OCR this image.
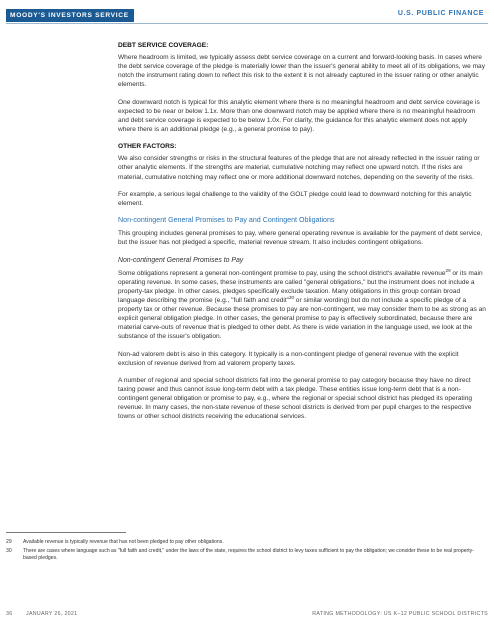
MOODY'S INVESTORS SERVICE	U.S. PUBLIC FINANCE
DEBT SERVICE COVERAGE:

Where headroom is limited, we typically assess debt service coverage on a current and forward-looking basis. In cases where the debt service coverage of the pledge is materially lower than the issuer's general ability to meet all of its obligations, we may notch the instrument rating down to reflect this risk to the extent it is not already captured in the issuer rating or other analytic elements.

One downward notch is typical for this analytic element where there is no meaningful headroom and debt service coverage is expected to be near or below 1.1x. More than one downward notch may be applied where there is no meaningful headroom and debt service coverage is expected to be below 1.0x. For clarity, the guidance for this analytic element does not apply where there is an additional pledge (e.g., a general promise to pay).

OTHER FACTORS:

We also consider strengths or risks in the structural features of the pledge that are not already reflected in the issuer rating or other analytic elements. If the strengths are material, cumulative notching may reflect one upward notch. If the risks are material, cumulative notching may reflect one or more additional downward notches, depending on the severity of the risks.

For example, a serious legal challenge to the validity of the GOLT pledge could lead to downward notching for this analytic element.

Non-contingent General Promises to Pay and Contingent Obligations

This grouping includes general promises to pay, where general operating revenue is available for the payment of debt service, but the issuer has not pledged a specific, material revenue stream. It also includes contingent obligations.

Non-contingent General Promises to Pay

Some obligations represent a general non-contingent promise to pay, using the school district's available revenue$^{29}$ or its main operating revenue. In some cases, these instruments are called "general obligations," but the instrument does not include a property-tax pledge. In other cases, pledges specifically exclude taxation. Many obligations in this group contain broad language describing the promise (e.g., "full faith and credit"$^{30}$ or similar wording) but do not include a specific pledge of a property tax or other revenue. Because these promises to pay are non-contingent, we may consider them to be as strong as an explicit general obligation pledge. In other cases, the general promise to pay is effectively subordinated, because there are material carve-outs of revenue that is pledged to other debt. As there is wide variation in the language used, we look at the substance of the issuer's obligation.

Non-ad valorem debt is also in this category. It typically is a non-contingent pledge of general revenue with the explicit exclusion of revenue derived from ad valorem property taxes.

A number of regional and special school districts fall into the general promise to pay category because they have no direct taxing power and thus cannot issue long-term debt with a tax pledge. These entities issue long-term debt that is a non-contingent general obligation or promise to pay, e.g., where the regional or special school district has pledged its operating revenue. In many cases, the non-state revenue of these school districts is derived from per pupil charges to the respective towns or other school districts receiving the educational services.

29	Available revenue is typically revenue that has not been pledged to pay other obligations.
30	There are cases where language such as "full faith and credit," under the laws of the state, requires the school district to levy taxes sufficient to pay the obligation; we consider these to be real property-based pledges.
36	JANUARY 26, 2021	RATING METHODOLOGY: US K–12 PUBLIC SCHOOL DISTRICTS
